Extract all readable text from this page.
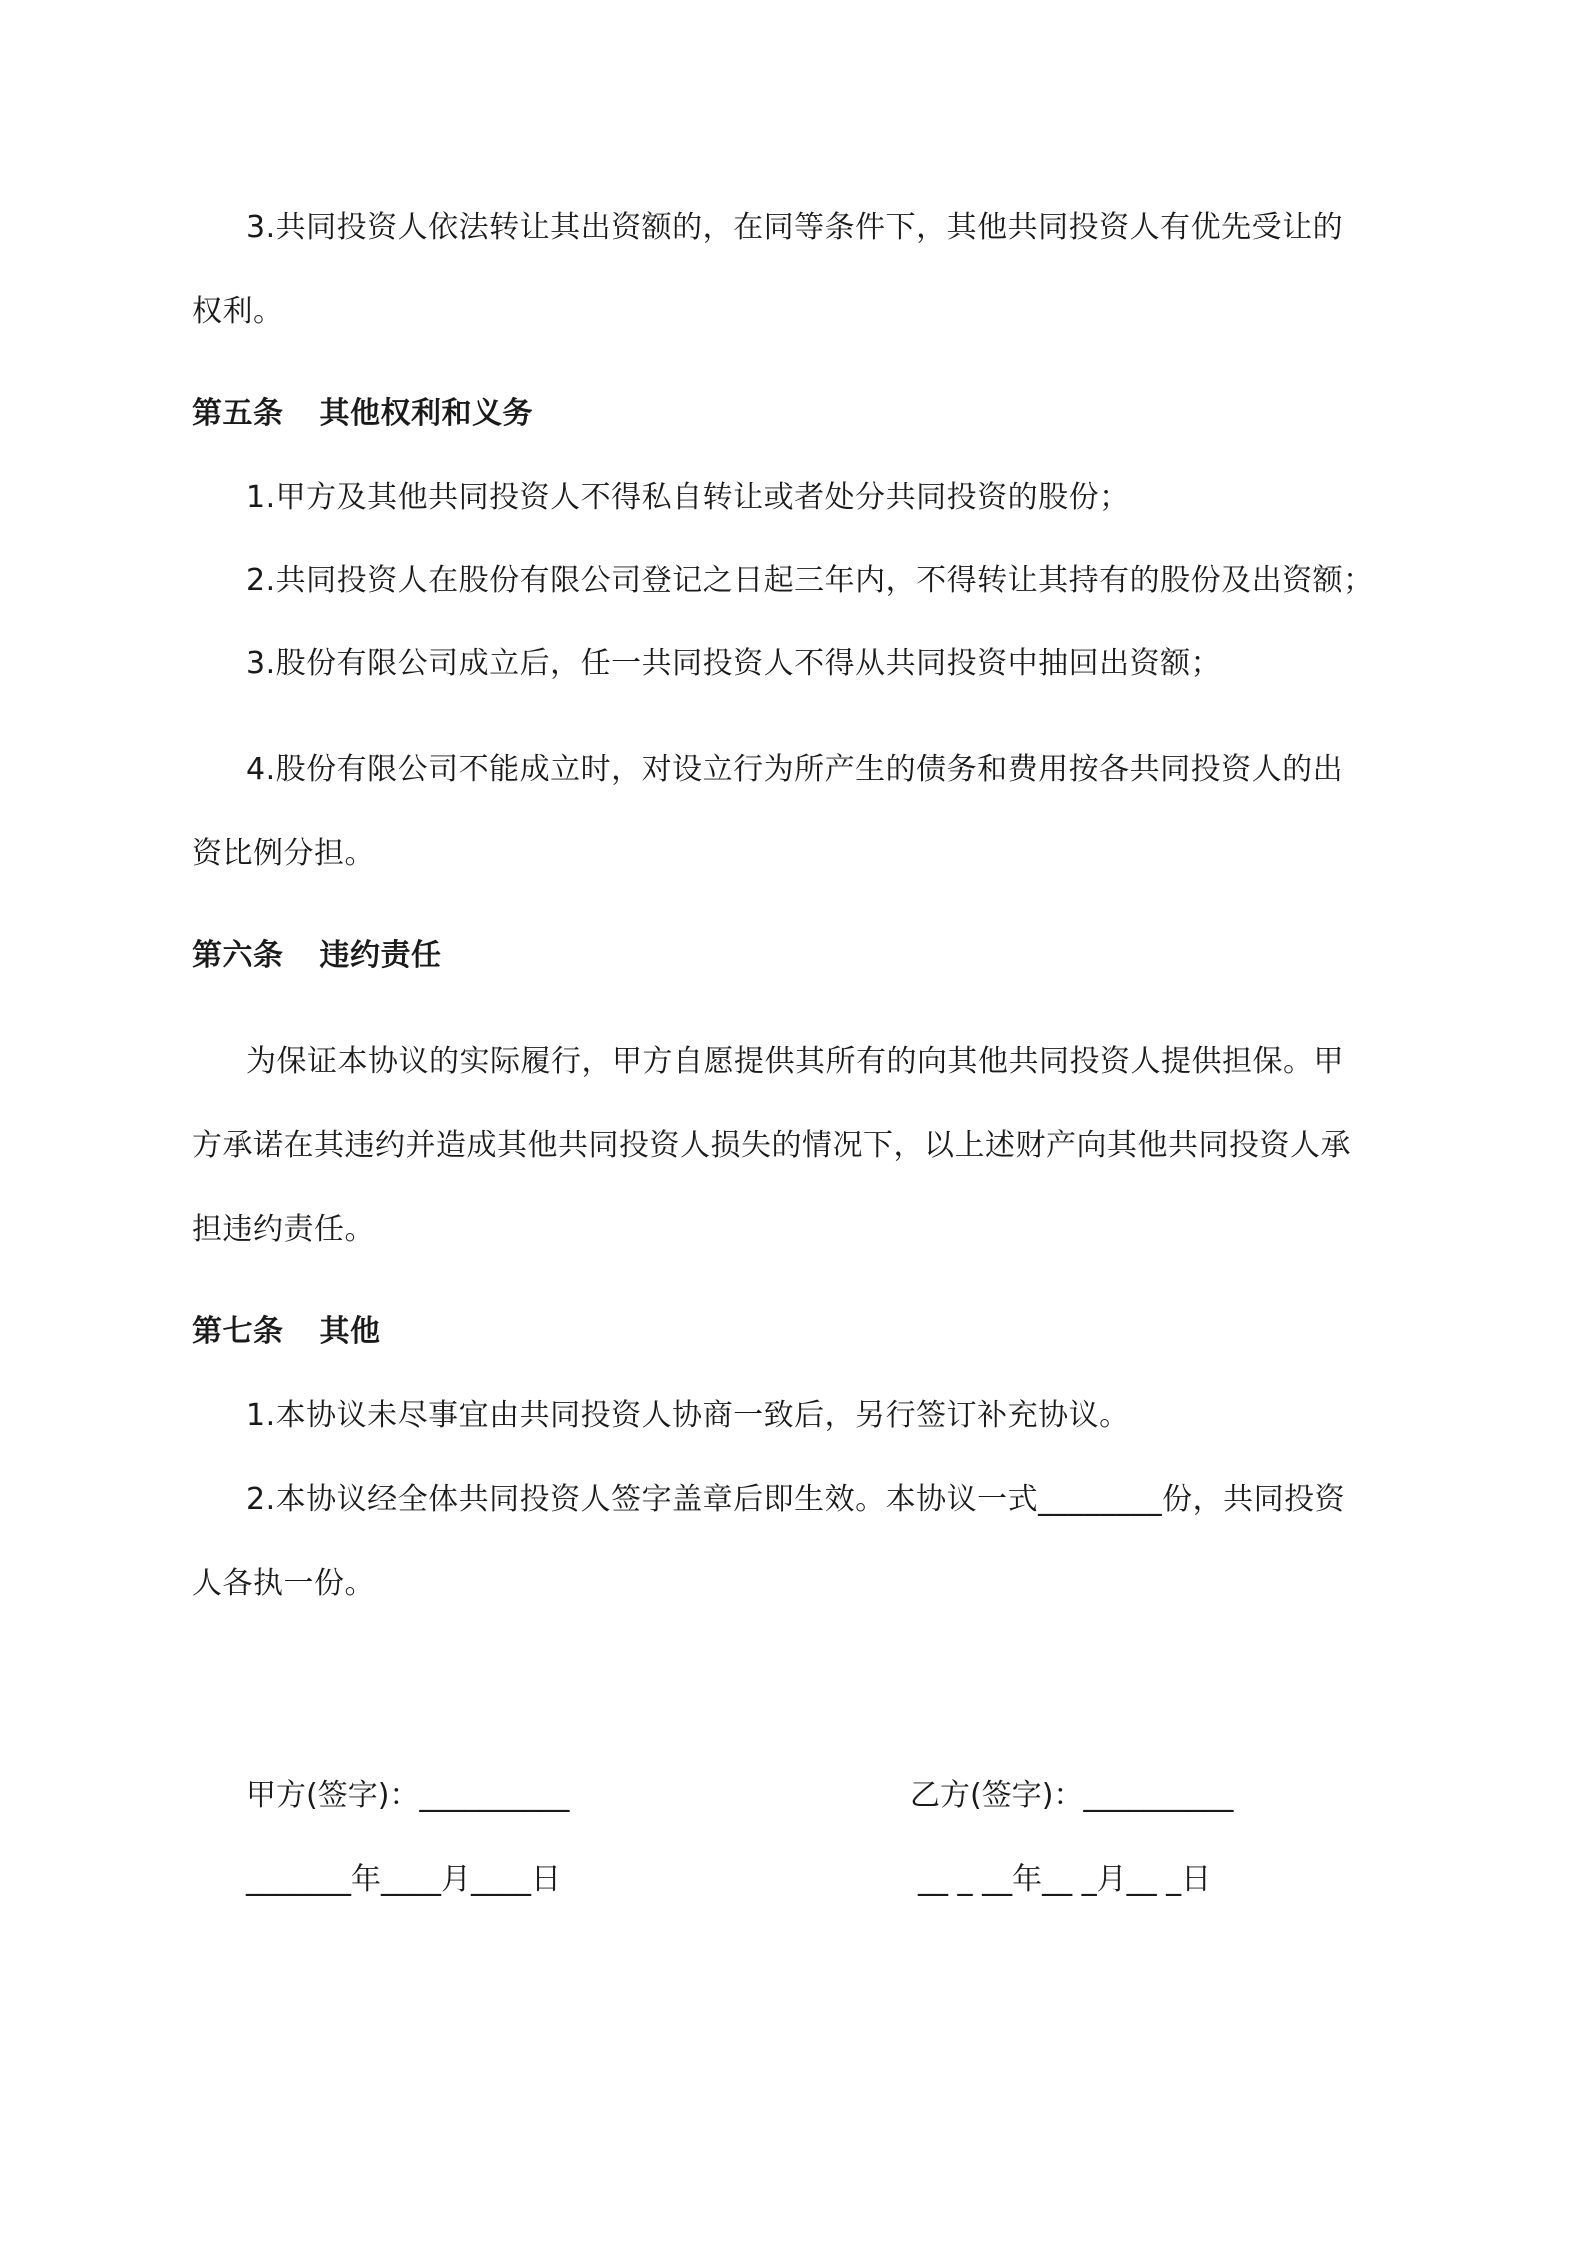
3.共同投资人依法转让其出资额的，在同等条件下，其他共同投资人有优先受让的
权利。
第五条 其他权利和义务
1.甲方及其他共同投资人不得私自转让或者处分共同投资的股份；
2.共同投资人在股份有限公司登记之日起三年内，不得转让其持有的股份及出资额；
3.股份有限公司成立后，任一共同投资人不得从共同投资中抽回出资额；
4.股份有限公司不能成立时，对设立行为所产生的债务和费用按各共同投资人的出
资比例分担。
第六条 违约责任
为保证本协议的实际履行，甲方自愿提供其所有的向其他共同投资人提供担保。甲
方承诺在其违约并造成其他共同投资人损失的情况下，以上述财产向其他共同投资人承
担违约责任。
第七条 其他
1.本协议未尽事宜由共同投资人协商一致后，另行签订补充协议。
2.本协议经全体共同投资人签字盖章后即生效。本协议一式________份，共同投资
人各执一份。
甲方(签字)：__________	乙方(签字)：__________
_______年____月____日	__ _ __年__ _月__ _日
